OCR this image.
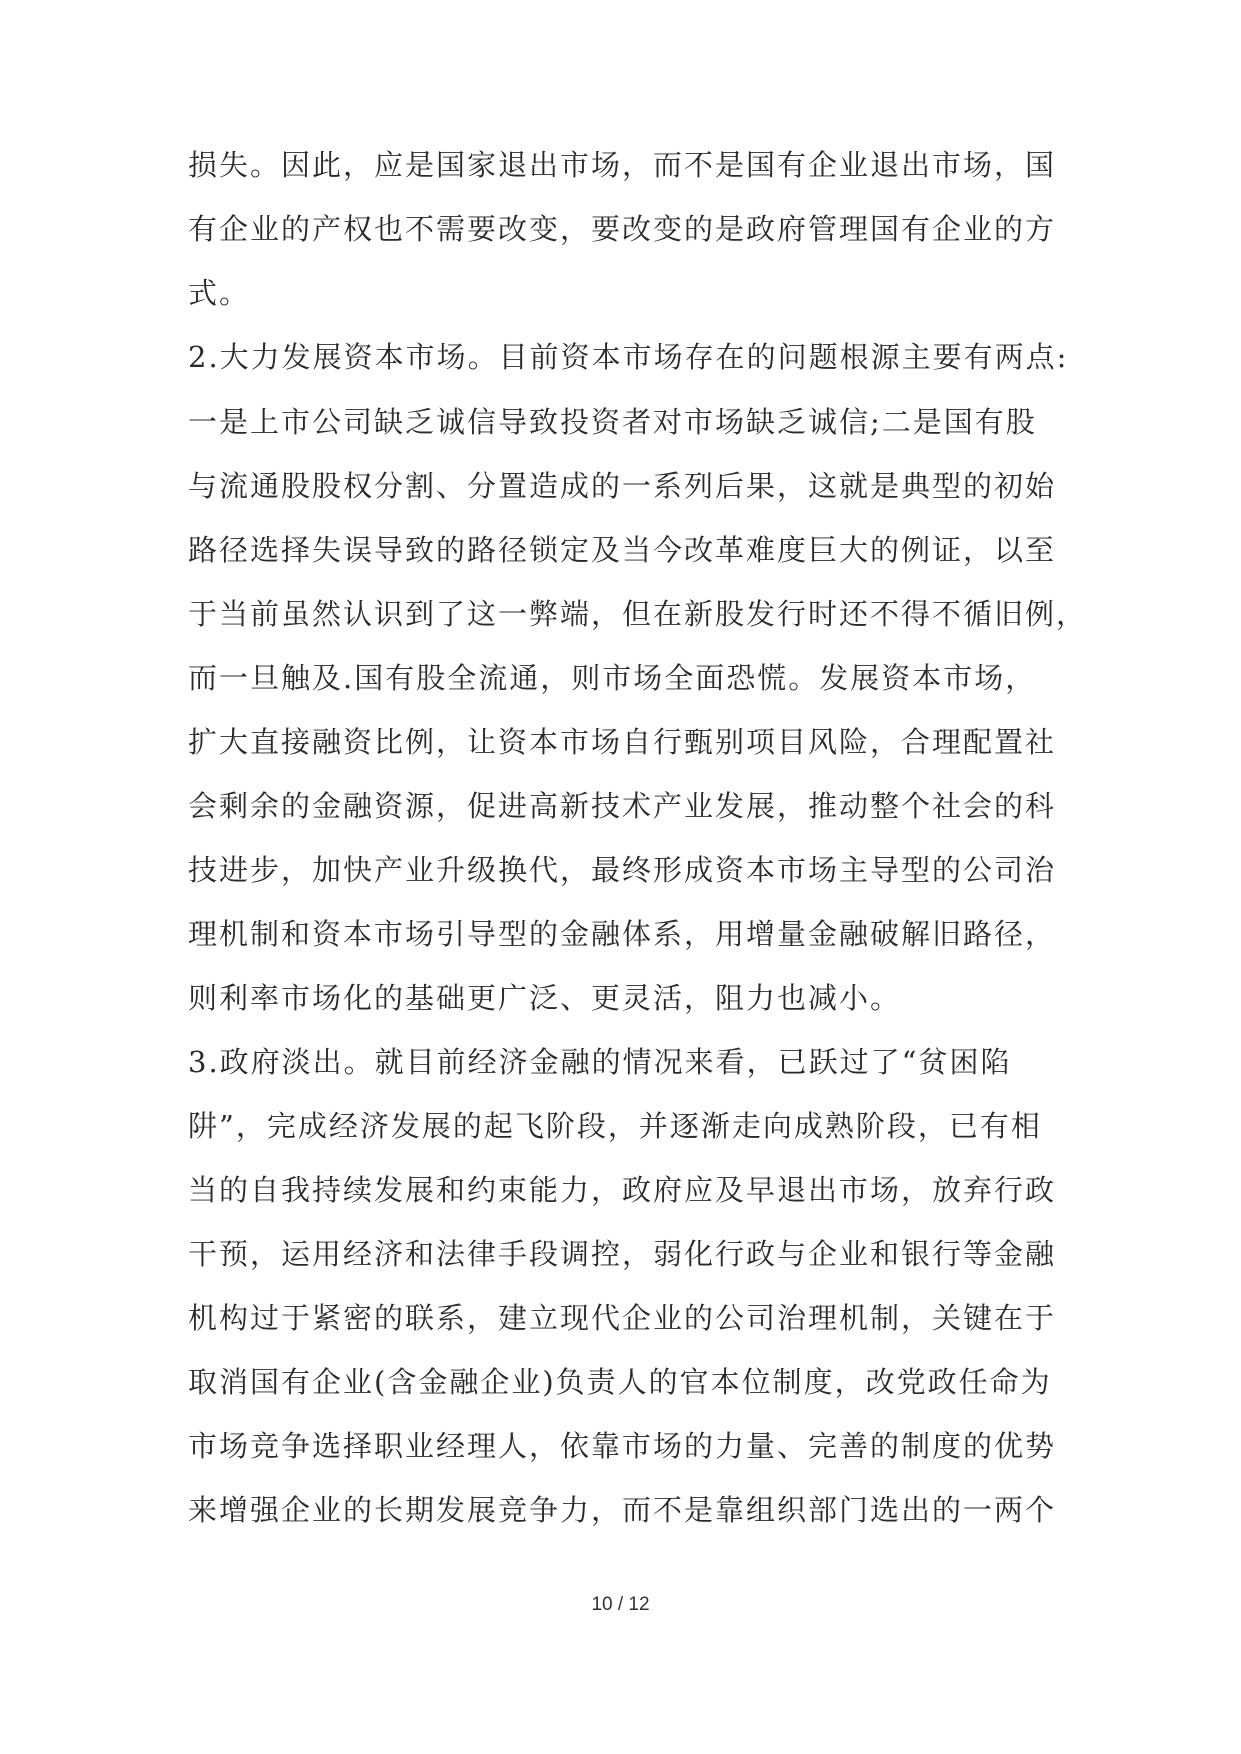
损失。因此，应是国家退出市场，而不是国有企业退出市场，国
有企业的产权也不需要改变，要改变的是政府管理国有企业的方
式。
2.大力发展资本市场。目前资本市场存在的问题根源主要有两点:
一是上市公司缺乏诚信导致投资者对市场缺乏诚信;二是国有股
与流通股股权分割、分置造成的一系列后果，这就是典型的初始
路径选择失误导致的路径锁定及当今改革难度巨大的例证，以至
于当前虽然认识到了这一弊端，但在新股发行时还不得不循旧例，
而一旦触及.国有股全流通，则市场全面恐慌。发展资本市场，
扩大直接融资比例，让资本市场自行甄别项目风险，合理配置社
会剩余的金融资源，促进高新技术产业发展，推动整个社会的科
技进步，加快产业升级换代，最终形成资本市场主导型的公司治
理机制和资本市场引导型的金融体系，用增量金融破解旧路径，
则利率市场化的基础更广泛、更灵活，阻力也减小。
3.政府淡出。就目前经济金融的情况来看，已跃过了“贫困陷
阱”，完成经济发展的起飞阶段，并逐渐走向成熟阶段，已有相
当的自我持续发展和约束能力，政府应及早退出市场，放弃行政
干预，运用经济和法律手段调控，弱化行政与企业和银行等金融
机构过于紧密的联系，建立现代企业的公司治理机制，关键在于
取消国有企业(含金融企业)负责人的官本位制度，改党政任命为
市场竞争选择职业经理人，依靠市场的力量、完善的制度的优势
来增强企业的长期发展竞争力，而不是靠组织部门选出的一两个
10 / 12
